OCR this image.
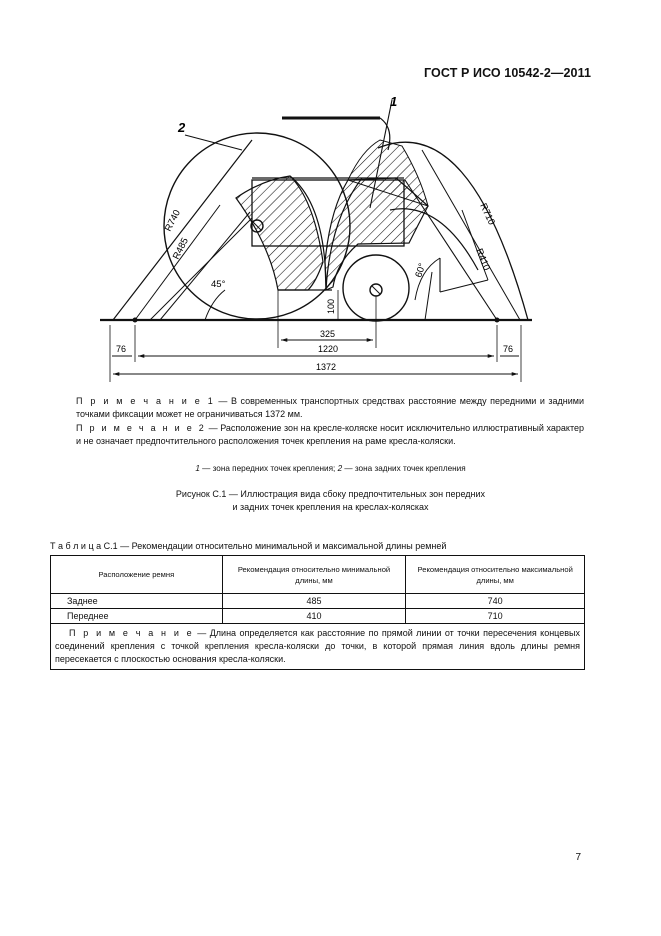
ГОСТ Р ИСО 10542-2—2011
1
2
R740
R485
R710
R410
45°
60°
100
325
1220
1372
76	76
П р и м е ч а н и е 1 — В современных транспортных средствах расстояние между передними и задними точками фиксации может не ограничиваться 1372 мм.
П р и м е ч а н и е 2 — Расположение зон на кресле-коляске носит исключительно иллюстративный характер и не означает предпочтительного расположения точек крепления на раме кресла-коляски.
1 — зона передних точек крепления; 2 — зона задних точек крепления
Рисунок С.1 — Иллюстрация вида сбоку предпочтительных зон передних
и задних точек крепления на креслах-колясках
Т а б л и ц а С.1 — Рекомендации относительно минимальной и максимальной длины ремней
Расположение ремня	Рекомендация относительно минимальной длины, мм	Рекомендация относительно максимальной длины, мм
Заднее	485	740
Переднее	410	710
П р и м е ч а н и е — Длина определяется как расстояние по прямой линии от точки пересечения концевых соединений крепления с точкой крепления кресла-коляски до точки, в которой прямая линия вдоль длины ремня пересекается с плоскостью основания кресла-коляски.		
7
